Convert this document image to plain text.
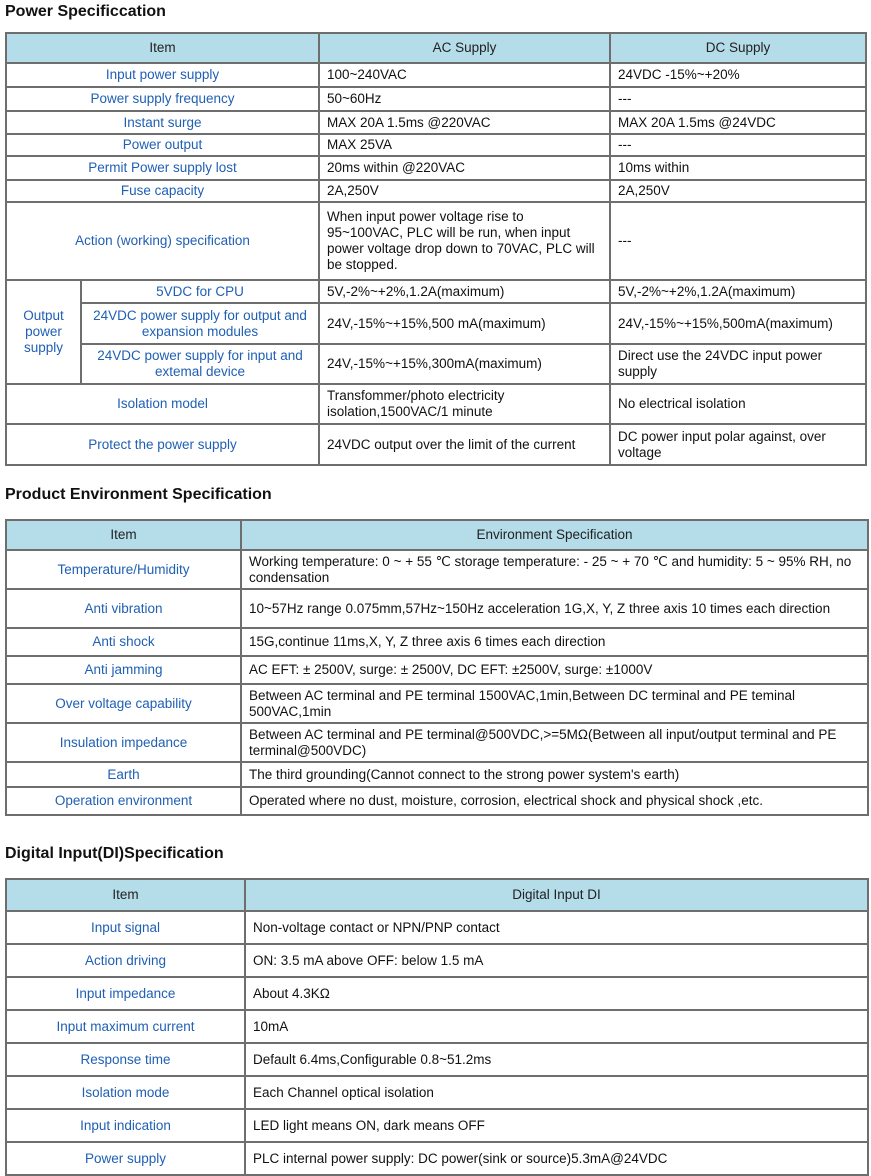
Power Specificcation
Item		AC Supply	DC Supply
Input power supply		100~240VAC	24VDC -15%~+20%
Power supply frequency		50~60Hz	---
Instant surge		MAX 20A 1.5ms @220VAC	MAX 20A 1.5ms @24VDC
Power output		MAX 25VA	---
Permit Power supply lost		20ms within @220VAC	10ms within
Fuse capacity		2A,250V	2A,250V
Action (working) specification		When input power voltage rise to 95~100VAC, PLC will be run, when input power voltage drop down to 70VAC, PLC will be stopped.	---
Output power supply	5VDC for CPU	5V,-2%~+2%,1.2A(maximum)	5V,-2%~+2%,1.2A(maximum)
	24VDC power supply for output and expansion modules	24V,-15%~+15%,500 mA(maximum)	24V,-15%~+15%,500mA(maximum)
	24VDC power supply for input and extemal device	24V,-15%~+15%,300mA(maximum)	Direct use the 24VDC input power supply
Isolation model		Transfommer/photo electricity isolation,1500VAC/1 minute	No electrical isolation
Protect the power supply		24VDC output over the limit of the current	DC power input polar against, over voltage
Product Environment Specification
Item	Environment Specification
Temperature/Humidity	Working temperature: 0 ~ + 55 ℃ storage temperature: - 25 ~ + 70 ℃ and humidity: 5 ~ 95% RH, no condensation
Anti vibration	10~57Hz range 0.075mm,57Hz~150Hz acceleration 1G,X, Y, Z three axis 10 times each direction
Anti shock	15G,continue 11ms,X, Y, Z three axis 6 times each direction
Anti jamming	AC EFT: ± 2500V, surge: ± 2500V, DC EFT: ±2500V, surge: ±1000V
Over voltage capability	Between AC terminal and PE terminal 1500VAC,1min,Between DC terminal and PE teminal 500VAC,1min
Insulation impedance	Between AC terminal and PE terminal@500VDC,>=5MΩ(Between all input/output terminal and PE terminal@500VDC)
Earth	The third grounding(Cannot connect to the strong power system's earth)
Operation environment	Operated where no dust, moisture, corrosion, electrical shock and physical shock ,etc.
Digital Input(DI)Specification
Item	Digital Input DI
Input signal	Non-voltage contact or NPN/PNP contact
Action driving	ON: 3.5 mA above OFF: below 1.5 mA
Input impedance	About 4.3KΩ
Input maximum current	10mA
Response time	Default 6.4ms,Configurable 0.8~51.2ms
Isolation mode	Each Channel optical isolation
Input indication	LED light means ON, dark means OFF
Power supply	PLC internal power supply: DC power(sink or source)5.3mA@24VDC
